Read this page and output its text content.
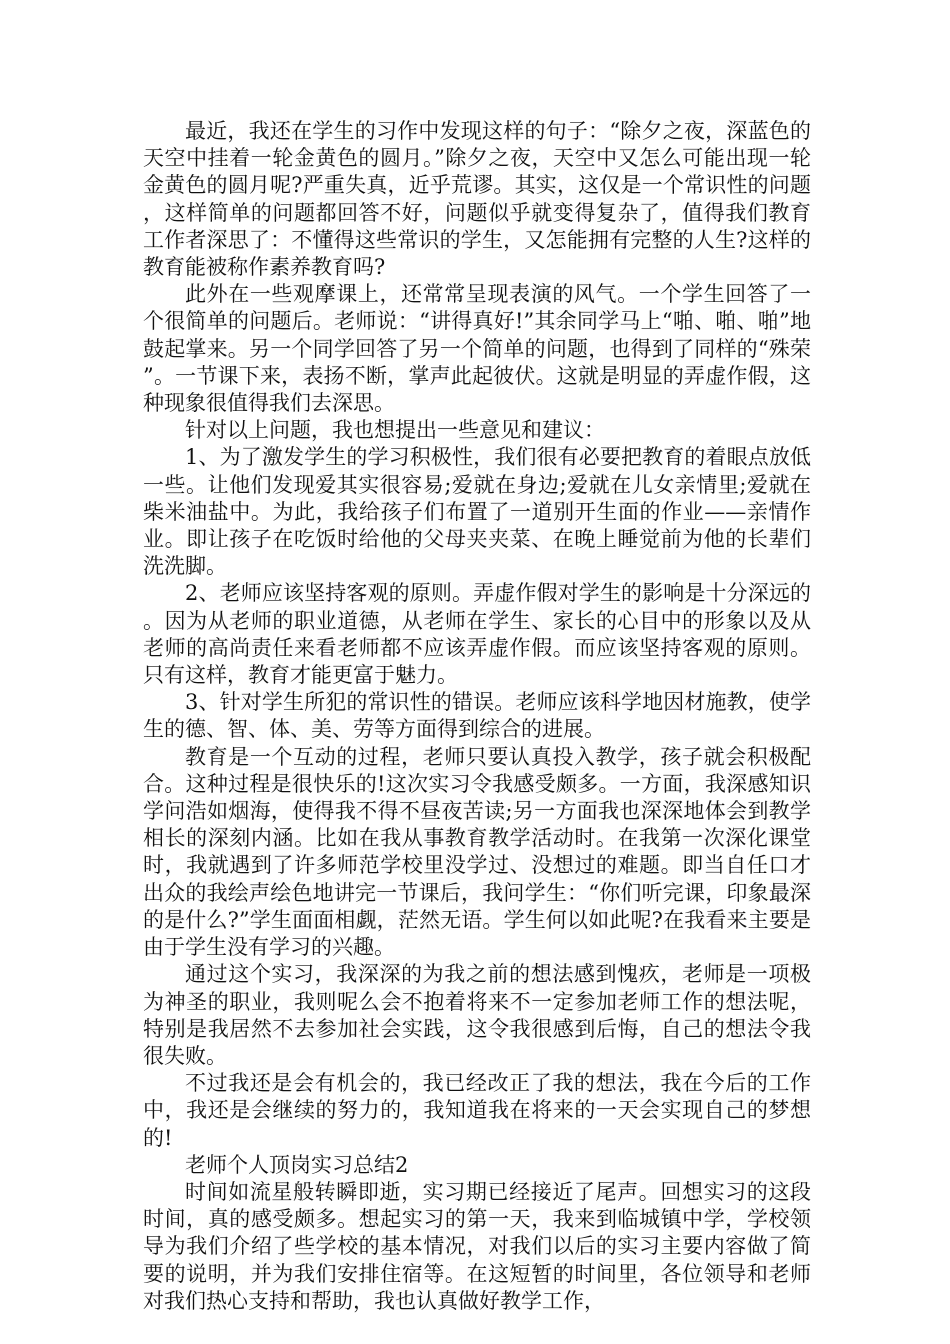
最近，我还在学生的习作中发现这样的句子：“除夕之夜，深蓝色的天空中挂着一轮金黄色的圆月。”除夕之夜，天空中又怎么可能出现一轮金黄色的圆月呢?严重失真，近乎荒谬。其实，这仅是一个常识性的问题，这样简单的问题都回答不好，问题似乎就变得复杂了，值得我们教育工作者深思了：不懂得这些常识的学生，又怎能拥有完整的人生?这样的教育能被称作素养教育吗?

此外在一些观摩课上，还常常呈现表演的风气。一个学生回答了一个很简单的问题后。老师说：“讲得真好!”其余同学马上“啪、啪、啪”地鼓起掌来。另一个同学回答了另一个简单的问题，也得到了同样的“殊荣”。一节课下来，表扬不断，掌声此起彼伏。这就是明显的弄虚作假，这种现象很值得我们去深思。

针对以上问题，我也想提出一些意见和建议：

1、为了激发学生的学习积极性，我们很有必要把教育的着眼点放低一些。让他们发现爱其实很容易;爱就在身边;爱就在儿女亲情里;爱就在柴米油盐中。为此，我给孩子们布置了一道别开生面的作业——亲情作业。即让孩子在吃饭时给他的父母夹夹菜、在晚上睡觉前为他的长辈们洗洗脚。

2、老师应该坚持客观的原则。弄虚作假对学生的影响是十分深远的。因为从老师的职业道德，从老师在学生、家长的心目中的形象以及从老师的高尚责任来看老师都不应该弄虚作假。而应该坚持客观的原则。只有这样，教育才能更富于魅力。

3、针对学生所犯的常识性的错误。老师应该科学地因材施教，使学生的德、智、体、美、劳等方面得到综合的进展。

教育是一个互动的过程，老师只要认真投入教学，孩子就会积极配合。这种过程是很快乐的!这次实习令我感受颇多。一方面，我深感知识学问浩如烟海，使得我不得不昼夜苦读;另一方面我也深深地体会到教学相长的深刻内涵。比如在我从事教育教学活动时。在我第一次深化课堂时，我就遇到了许多师范学校里没学过、没想过的难题。即当自任口才出众的我绘声绘色地讲完一节课后，我问学生：“你们听完课，印象最深的是什么?”学生面面相觑，茫然无语。学生何以如此呢?在我看来主要是由于学生没有学习的兴趣。

通过这个实习，我深深的为我之前的想法感到愧疚，老师是一项极为神圣的职业，我则呢么会不抱着将来不一定参加老师工作的想法呢，特别是我居然不去参加社会实践，这令我很感到后悔，自己的想法令我很失败。

不过我还是会有机会的，我已经改正了我的想法，我在今后的工作中，我还是会继续的努力的，我知道我在将来的一天会实现自己的梦想的!

老师个人顶岗实习总结2

时间如流星般转瞬即逝，实习期已经接近了尾声。回想实习的这段时间，真的感受颇多。想起实习的第一天，我来到临城镇中学，学校领导为我们介绍了些学校的基本情况，对我们以后的实习主要内容做了简要的说明，并为我们安排住宿等。在这短暂的时间里，各位领导和老师对我们热心支持和帮助，我也认真做好教学工作，
